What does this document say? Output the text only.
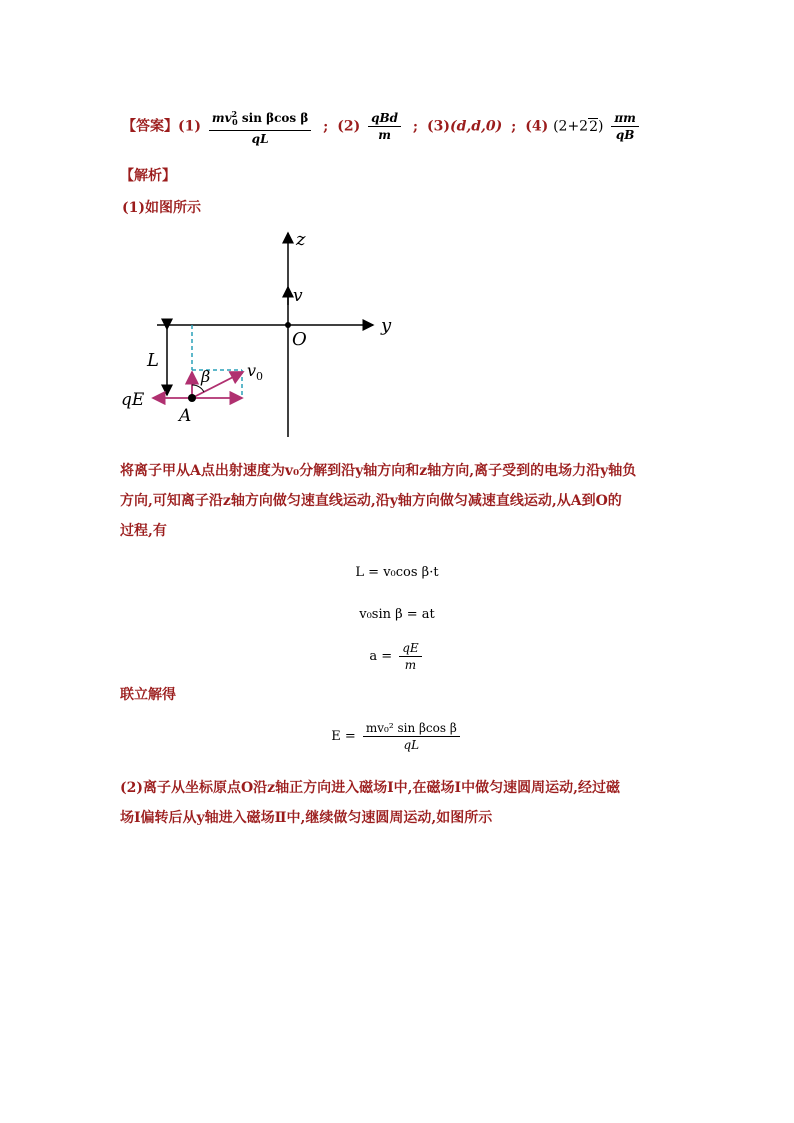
【答案】$(1) \frac{mv^2_0 \sin \beta\cos \beta}{qL}$ ; $(2) \frac{\text{qBd}}{m}$ ; (3)(d,d,0) ; (4) $(2+22) \frac{\pi m}{qB}$
【解析】
(1)如图所示
z
y
O
v
L
β $v_0$
qE
A
将离子甲从A点出射速度为v₀分解到沿y轴方向和z轴方向,离子受到的电场力沿y轴负
方向,可知离子沿z轴方向做匀速直线运动,沿y轴方向做匀减速直线运动,从A到O的
过程,有
L = v₀cos β·t
v₀sin β = at
$a = \frac{qE}{m}$
联立解得
$E = \frac{\text{mv₀² sin βcos β}}{qL}$
(2)离子从坐标原点O沿z轴正方向进入磁场Ⅰ中,在磁场Ⅰ中做匀速圆周运动,经过磁
场Ⅰ偏转后从y轴进入磁场Ⅱ中,继续做匀速圆周运动,如图所示
